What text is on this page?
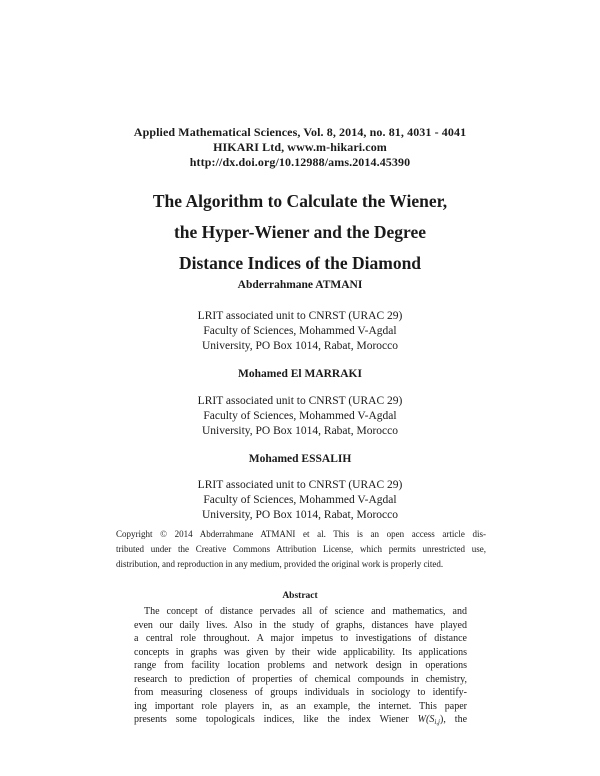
Applied Mathematical Sciences, Vol. 8, 2014, no. 81, 4031 - 4041
HIKARI Ltd, www.m-hikari.com
http://dx.doi.org/10.12988/ams.2014.45390
The Algorithm to Calculate the Wiener,
the Hyper-Wiener and the Degree
Distance Indices of the Diamond
Abderrahmane ATMANI
LRIT associated unit to CNRST (URAC 29)
Faculty of Sciences, Mohammed V-Agdal
University, PO Box 1014, Rabat, Morocco
Mohamed El MARRAKI
LRIT associated unit to CNRST (URAC 29)
Faculty of Sciences, Mohammed V-Agdal
University, PO Box 1014, Rabat, Morocco
Mohamed ESSALIH
LRIT associated unit to CNRST (URAC 29)
Faculty of Sciences, Mohammed V-Agdal
University, PO Box 1014, Rabat, Morocco
Copyright © 2014 Abderrahmane ATMANI et al. This is an open access article dis-
tributed under the Creative Commons Attribution License, which permits unrestricted use,
distribution, and reproduction in any medium, provided the original work is properly cited.
Abstract
The concept of distance pervades all of science and mathematics, and
even our daily lives. Also in the study of graphs, distances have played
a central role throughout. A major impetus to investigations of distance
concepts in graphs was given by their wide applicability. Its applications
range from facility location problems and network design in operations
research to prediction of properties of chemical compounds in chemistry,
from measuring closeness of groups individuals in sociology to identify-
ing important role players in, as an example, the internet. This paper
presents some topologicals indices, like the index Wiener $W(S_{i,j})$, the
